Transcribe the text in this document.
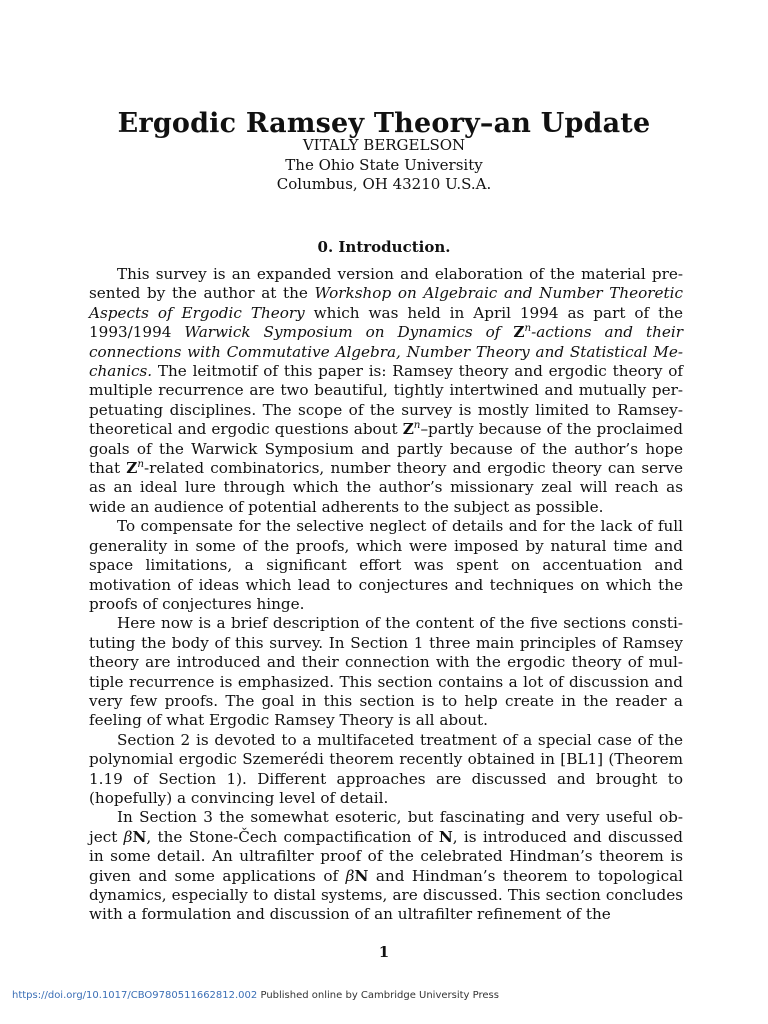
Ergodic Ramsey Theory–an Update
VITALY BERGELSON
The Ohio State University
Columbus, OH 43210 U.S.A.
0. Introduction.

This survey is an expanded version and elaboration of the material presented by the author at the Workshop on Algebraic and Number Theoretic Aspects of Ergodic Theory which was held in April 1994 as part of the 1993/1994 Warwick Symposium on Dynamics of $Z^n$-actions and their connections with Commutative Algebra, Number Theory and Statistical Mechanics. The leitmotif of this paper is: Ramsey theory and ergodic theory of multiple recurrence are two beautiful, tightly intertwined and mutually perpetuating disciplines. The scope of the survey is mostly limited to Ramsey-theoretical and ergodic questions about $Z^n$–partly because of the proclaimed goals of the Warwick Symposium and partly because of the author’s hope that $Z^n$-related combinatorics, number theory and ergodic theory can serve as an ideal lure through which the author’s missionary zeal will reach as wide an audience of potential adherents to the subject as possible.

To compensate for the selective neglect of details and for the lack of full generality in some of the proofs, which were imposed by natural time and space limitations, a significant effort was spent on accentuation and motivation of ideas which lead to conjectures and techniques on which the proofs of conjectures hinge.

Here now is a brief description of the content of the five sections constituting the body of this survey. In Section 1 three main principles of Ramsey theory are introduced and their connection with the ergodic theory of multiple recurrence is emphasized. This section contains a lot of discussion and very few proofs. The goal in this section is to help create in the reader a feeling of what Ergodic Ramsey Theory is all about.

Section 2 is devoted to a multifaceted treatment of a special case of the polynomial ergodic Szemerédi theorem recently obtained in [BL1] (Theorem 1.19 of Section 1). Different approaches are discussed and brought to (hopefully) a convincing level of detail.

In Section 3 the somewhat esoteric, but fascinating and very useful object βN, the Stone-Čech compactification of N, is introduced and discussed in some detail. An ultrafilter proof of the celebrated Hindman’s theorem is given and some applications of βN and Hindman’s theorem to topological dynamics, especially to distal systems, are discussed. This section concludes with a formulation and discussion of an ultrafilter refinement of the

1
https://doi.org/10.1017/CBO9780511662812.002 Published online by Cambridge University Press
